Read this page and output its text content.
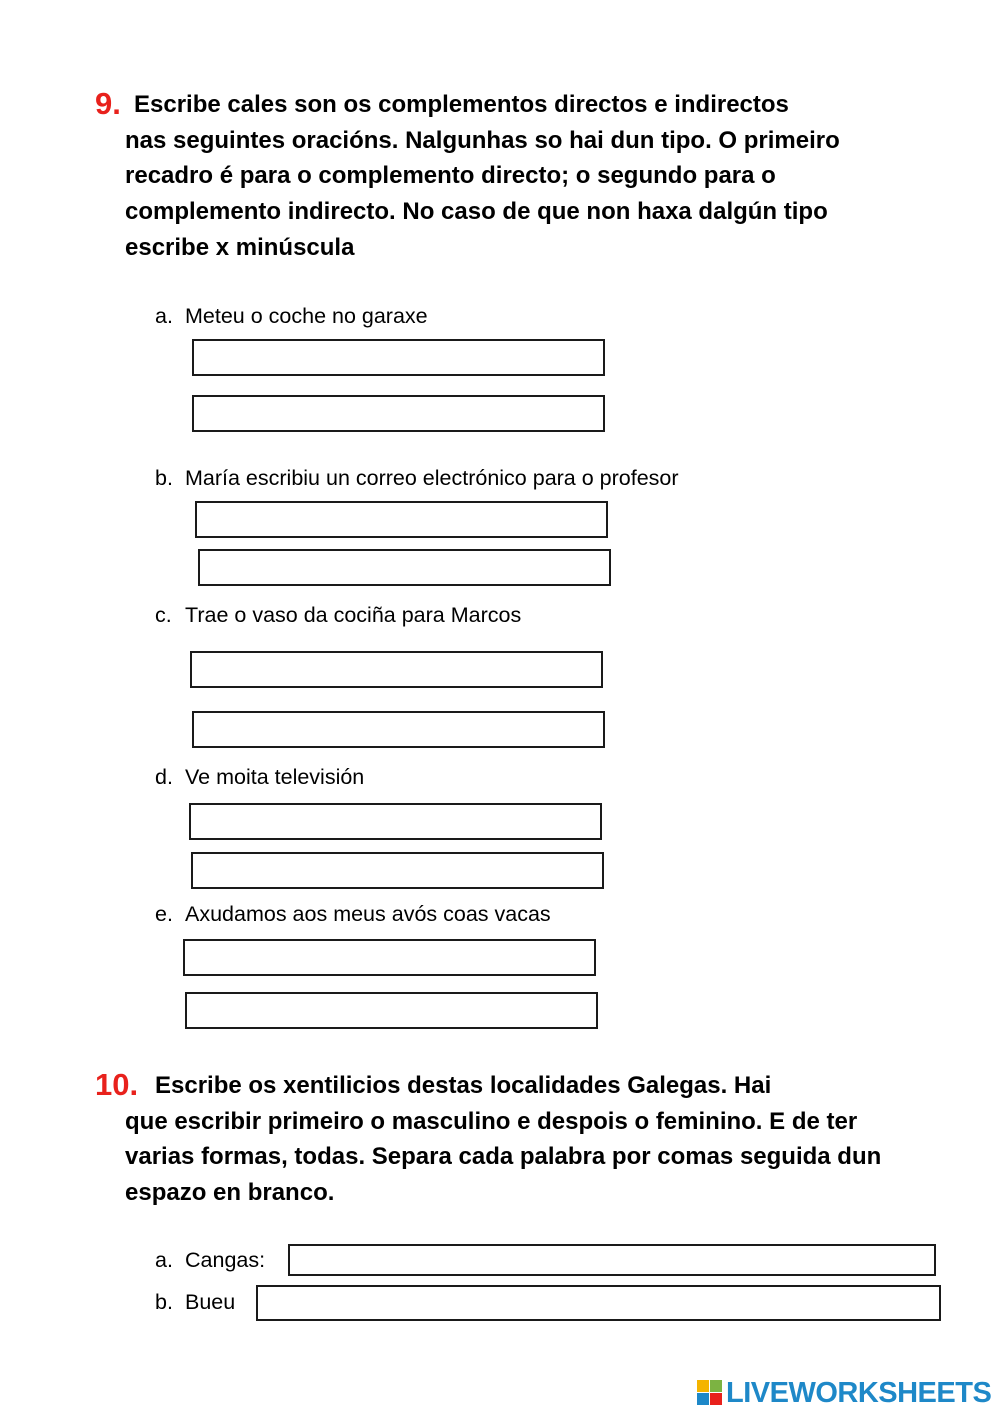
9. Escribe cales son os complementos directos e indirectos
nas seguintes oracións. Nalgunhas so hai dun tipo. O primeiro recadro é para o complemento directo; o segundo para o complemento indirecto. No caso de que non haxa dalgún tipo escribe x minúscula
a. Meteu o coche no garaxe
b. María escribiu un correo electrónico para o profesor
c. Trae o vaso da cociña para Marcos
d. Ve moita televisión
e. Axudamos aos meus avós coas vacas
10. Escribe os xentilicios destas localidades Galegas. Hai
que escribir primeiro o masculino e despois o feminino. E de ter varias formas, todas. Separa cada palabra por comas seguida dun espazo en branco.
a. Cangas:
b. Bueu
LIVEWORKSHEETS
